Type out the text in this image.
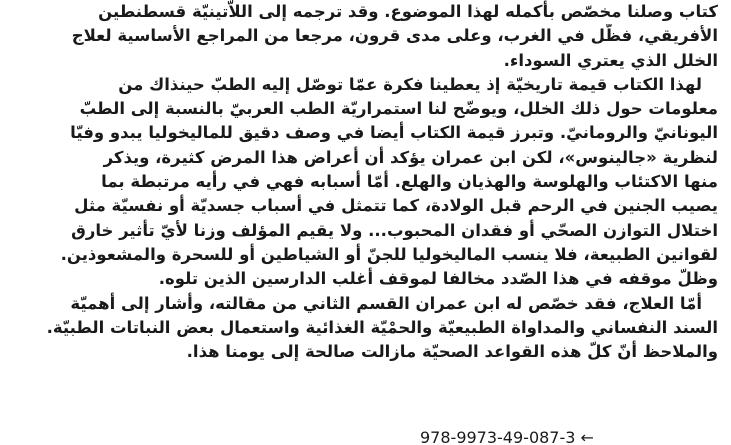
كتاب وصلنا مخصّص بأكمله لهذا الموضوع. وقد ترجمه إلى اللاّتينيّة قسطنطين
الأفريقي، فظّل في الغرب، وعلى مدى قرون، مرجعا من المراجع الأساسية لعلاج
الخلل الذي يعتري السوداء.

لهذا الكتاب قيمة تاريخيّة إذ يعطينا فكرة عمّا توصّل إليه الطبّ حينذاك من
معلومات حول ذلك الخلل، ويوضّح لنا استمراريّة الطب العربيّ بالنسبة إلى الطبّ
اليونانيّ والرومانيّ. وتبرز قيمة الكتاب أيضا في وصف دقيق للماليخوليا يبدو وفيّا
لنظرية «جالينوس»، لكن ابن عمران يؤكد أن أعراض هذا المرض كثيرة، ويذكر
منها الاكتئاب والهلوسة والهذيان والهلع. أمّا أسبابه فهي في رأيه مرتبطة بما
يصيب الجنين في الرحم قبل الولادة، كما تتمثل في أسباب جسديّة أو نفسيّة مثل
اختلال التوازن الصحّي أو فقدان المحبوب... ولا يقيم المؤلف وزنا لأيّ تأثير خارق
لقوانين الطبيعة، فلا ينسب الماليخوليا للجنّ أو الشياطين أو للسحرة والمشعوذين.
وظلّ موقفه في هذا الصّدد مخالفا لموقف أغلب الدارسين الذين تلوه.

أمّا العلاج، فقد خصّص له ابن عمران القسم الثاني من مقالته، وأشار إلى أهميّة
السند النفساني والمداواة الطبيعيّة والحمْيّة الغذائية واستعمال بعض النباتات الطبيّة.
والملاحظ أنّ كلّ هذه القواعد الصحيّة مازالت صالحة إلى يومنا هذا.

978-9973-49-087-3 ←
